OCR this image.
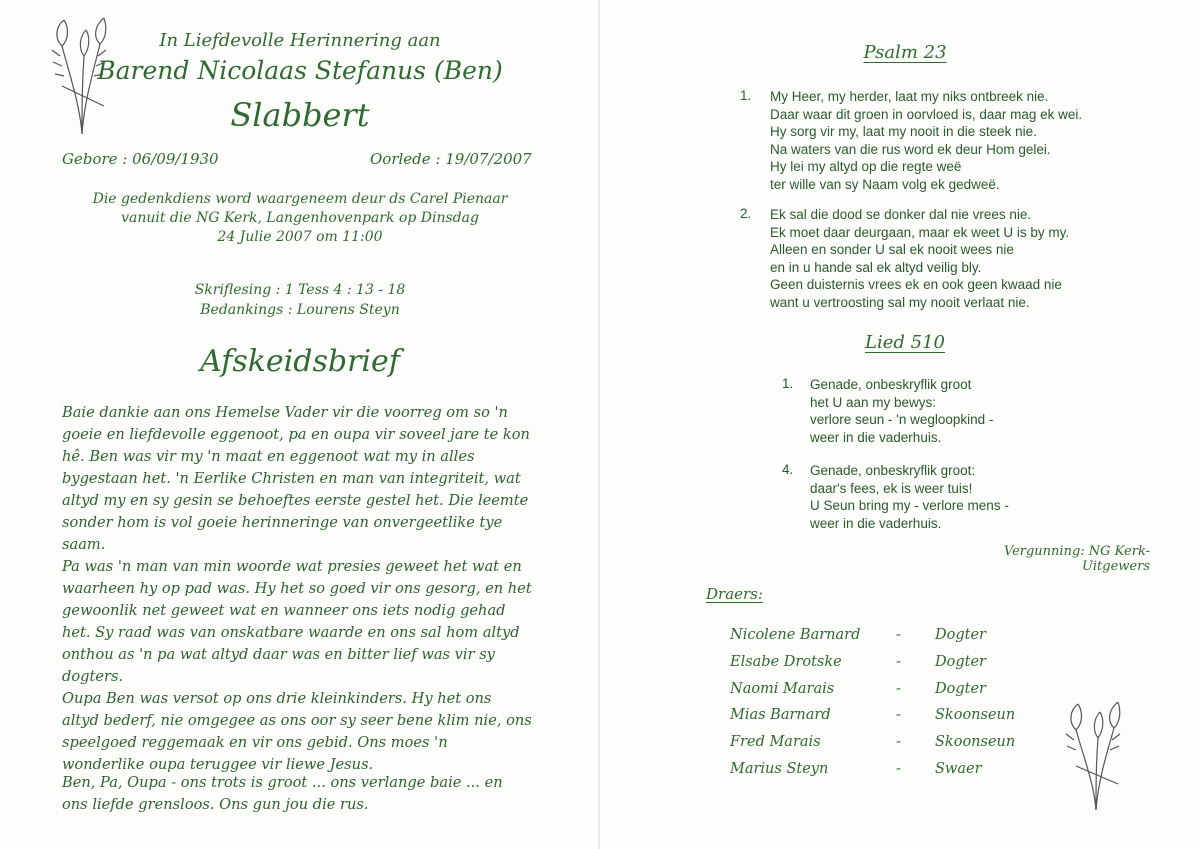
In Liefdevolle Herinnering aan
Barend Nicolaas Stefanus (Ben)
Slabbert
Gebore : 06/09/1930	Oorlede : 19/07/2007
Die gedenkdiens word waargeneem deur ds Carel Pienaar
vanuit die NG Kerk, Langenhovenpark op Dinsdag
24 Julie 2007 om 11:00
Skriflesing : 1 Tess 4 : 13 - 18
Bedankings : Lourens Steyn
Afskeidsbrief

Baie dankie aan ons Hemelse Vader vir die voorreg om so 'n goeie en liefdevolle eggenoot, pa en oupa vir soveel jare te kon hê. Ben was vir my 'n maat en eggenoot wat my in alles bygestaan het. 'n Eerlike Christen en man van integriteit, wat altyd my en sy gesin se behoeftes eerste gestel het. Die leemte sonder hom is vol goeie herinneringe van onvergeetlike tye saam.

Pa was 'n man van min woorde wat presies geweet het wat en waarheen hy op pad was. Hy het so goed vir ons gesorg, en het gewoonlik net geweet wat en wanneer ons iets nodig gehad het. Sy raad was van onskatbare waarde en ons sal hom altyd onthou as 'n pa wat altyd daar was en bitter lief was vir sy dogters.

Oupa Ben was versot op ons drie kleinkinders. Hy het ons altyd bederf, nie omgegee as ons oor sy seer bene klim nie, ons speelgoed reggemaak en vir ons gebid. Ons moes 'n wonderlike oupa teruggee vir liewe Jesus.

Ben, Pa, Oupa - ons trots is groot ... ons verlange baie ... en ons liefde grensloos. Ons gun jou die rus.

Psalm 23
1. My Heer, my herder, laat my niks ontbreek nie.
Daar waar dit groen in oorvloed is, daar mag ek wei.
Hy sorg vir my, laat my nooit in die steek nie.
Na waters van die rus word ek deur Hom gelei.
Hy lei my altyd op die regte weë
ter wille van sy Naam volg ek gedweë.
2. Ek sal die dood se donker dal nie vrees nie.
Ek moet daar deurgaan, maar ek weet U is by my.
Alleen en sonder U sal ek nooit wees nie
en in u hande sal ek altyd veilig bly.
Geen duisternis vrees ek en ook geen kwaad nie
want u vertroosting sal my nooit verlaat nie.
Lied 510
1. Genade, onbeskryflik groot
het U aan my bewys:
verlore seun - 'n wegloopkind -
weer in die vaderhuis.
4. Genade, onbeskryflik groot:
daar's fees, ek is weer tuis!
U Seun bring my - verlore mens -
weer in die vaderhuis.
Vergunning: NG Kerk-Uitgewers
Draers:
Nicolene Barnard	- Dogter
Elsabe Drotske	- Dogter
Naomi Marais	- Dogter
Mias Barnard	- Skoonseun
Fred Marais	- Skoonseun
Marius Steyn	- Swaer
